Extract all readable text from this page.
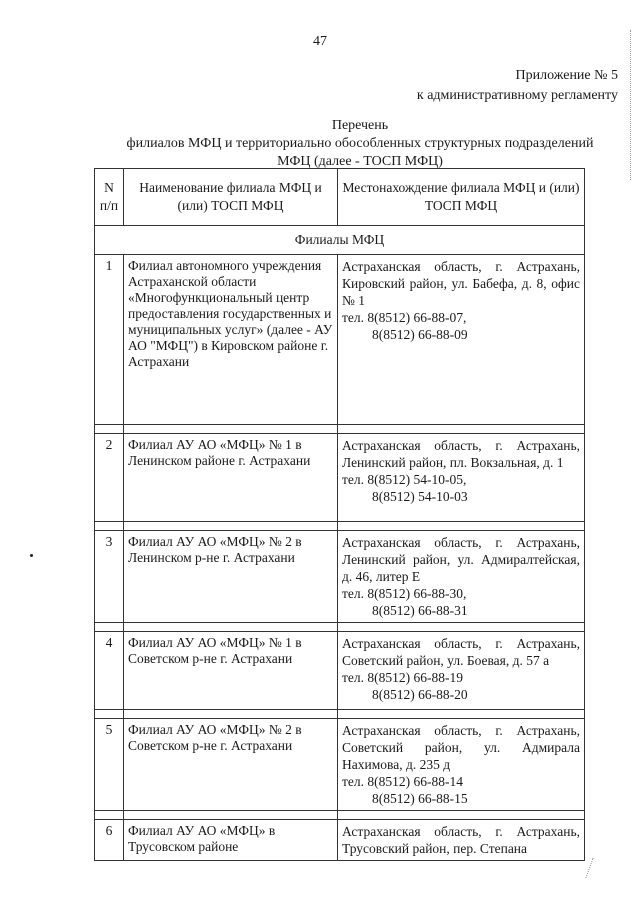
47
Приложение № 5
к административному регламенту
Перечень
филиалов МФЦ и территориально обособленных структурных подразделений
МФЦ (далее - ТОСП МФЦ)
N п/п	Наименование филиала МФЦ и (или) ТОСП МФЦ	Местонахождение филиала МФЦ и (или) ТОСП МФЦ
Филиалы МФЦ		
1	Филиал автономного учреждения Астраханской области «Многофункциональный центр предоставления государственных и муниципальных услуг» (далее - АУ АО "МФЦ") в Кировском районе г. Астрахани	Астраханская область, г. Астрахань, Кировский район, ул. Бабефа, д. 8, офис № 1
тел. 8(8512) 66-88-07,
8(8512) 66-88-09

2	Филиал АУ АО «МФЦ» № 1 в Ленинском районе г. Астрахани	Астраханская область, г. Астрахань, Ленинский район, пл. Вокзальная, д. 1
тел. 8(8512) 54-10-05,
8(8512) 54-10-03

3	Филиал АУ АО «МФЦ» № 2 в Ленинском р-не г. Астрахани	Астраханская область, г. Астрахань, Ленинский район, ул. Адмиралтейская, д. 46, литер Е
тел. 8(8512) 66-88-30,
8(8512) 66-88-31

4	Филиал АУ АО «МФЦ» № 1 в Советском р-не г. Астрахани	Астраханская область, г. Астрахань, Советский район, ул. Боевая, д. 57 а
тел. 8(8512) 66-88-19
8(8512) 66-88-20

5	Филиал АУ АО «МФЦ» № 2 в Советском р-не г. Астрахани	Астраханская область, г. Астрахань, Советский район, ул. Адмирала Нахимова, д. 235 д
тел. 8(8512) 66-88-14
8(8512) 66-88-15

6	Филиал АУ АО «МФЦ» в Трусовском районе	Астраханская область, г. Астрахань, Трусовский район, пер. Степана
